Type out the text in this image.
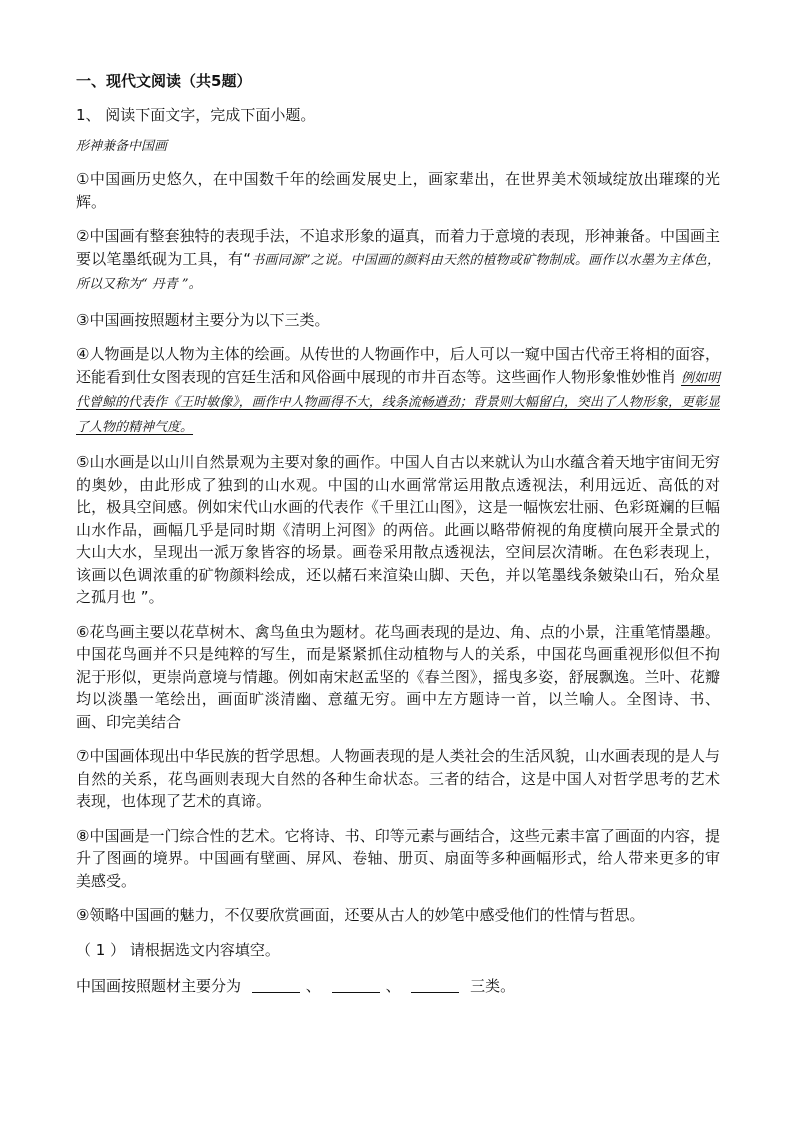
一、现代文阅读（共5题）
1、 阅读下面文字，完成下面小题。
形神兼备中国画

①中国画历史悠久，在中国数千年的绘画发展史上，画家辈出，在世界美术领域绽放出璀璨的光辉。

②中国画有整套独特的表现手法，不追求形象的逼真，而着力于意境的表现，形神兼备。中国画主要以笔墨纸砚为工具，有“书画同源”之说。中国画的颜料由天然的植物或矿物制成。画作以水墨为主体色，所以又称为“ 丹青 ”。

③中国画按照题材主要分为以下三类。

④人物画是以人物为主体的绘画。从传世的人物画作中，后人可以一窥中国古代帝王将相的面容，还能看到仕女图表现的宫廷生活和风俗画中展现的市井百态等。这些画作人物形象惟妙惟肖 例如明代曾鲸的代表作《王时敏像》，画作中人物画得不大，线条流畅遒劲；背景则大幅留白，突出了人物形象，更彰显了人物的精神气度。

⑤山水画是以山川自然景观为主要对象的画作。中国人自古以来就认为山水蕴含着天地宇宙间无穷的奥妙，由此形成了独到的山水观。中国的山水画常常运用散点透视法，利用远近、高低的对比，极具空间感。例如宋代山水画的代表作《千里江山图》，这是一幅恢宏壮丽、色彩斑斓的巨幅山水作品，画幅几乎是同时期《清明上河图》的两倍。此画以略带俯视的角度横向展开全景式的大山大水，呈现出一派万象皆容的场景。画卷采用散点透视法，空间层次清晰。在色彩表现上，该画以色调浓重的矿物颜料绘成，还以赭石来渲染山脚、天色，并以笔墨线条皴染山石，殆众星之孤月也 ”。

⑥花鸟画主要以花草树木、禽鸟鱼虫为题材。花鸟画表现的是边、角、点的小景，注重笔情墨趣。中国花鸟画并不只是纯粹的写生，而是紧紧抓住动植物与人的关系，中国花鸟画重视形似但不拘泥于形似，更崇尚意境与情趣。例如南宋赵孟坚的《春兰图》，摇曳多姿，舒展飘逸。兰叶、花瓣均以淡墨一笔绘出，画面旷淡清幽、意蕴无穷。画中左方题诗一首，以兰喻人。全图诗、书、画、印完美结合

⑦中国画体现出中华民族的哲学思想。人物画表现的是人类社会的生活风貌，山水画表现的是人与自然的关系，花鸟画则表现大自然的各种生命状态。三者的结合，这是中国人对哲学思考的艺术表现，也体现了艺术的真谛。

⑧中国画是一门综合性的艺术。它将诗、书、印等元素与画结合，这些元素丰富了画面的内容，提升了图画的境界。中国画有壁画、屏风、卷轴、册页、扇面等多种画幅形式，给人带来更多的审美感受。

⑨领略中国画的魅力，不仅要欣赏画面，还要从古人的妙笔中感受他们的性情与哲思。

（ 1 ） 请根据选文内容填空。
中国画按照题材主要分为	、	、	三类。
